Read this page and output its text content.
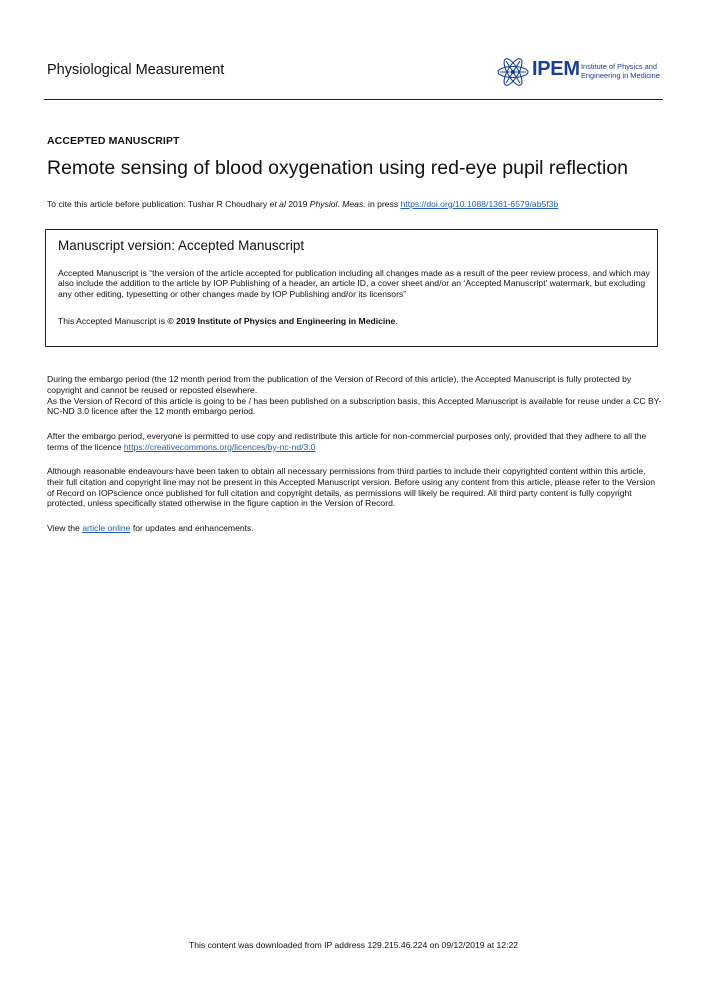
Physiological Measurement	IPEM Institute of Physics and
Engineering in Medicine
ACCEPTED MANUSCRIPT
Remote sensing of blood oxygenation using red-eye pupil reflection
To cite this article before publication: Tushar R Choudhary et al 2019 Physiol. Meas. in press https://doi.org/10.1088/1361-6579/ab5f3b
Manuscript version: Accepted Manuscript
Accepted Manuscript is “the version of the article accepted for publication including all changes made as a result of the peer review process, and which may also include the addition to the article by IOP Publishing of a header, an article ID, a cover sheet and/or an ‘Accepted Manuscript’ watermark, but excluding any other editing, typesetting or other changes made by IOP Publishing and/or its licensors”
This Accepted Manuscript is © 2019 Institute of Physics and Engineering in Medicine.
During the embargo period (the 12 month period from the publication of the Version of Record of this article), the Accepted Manuscript is fully protected by copyright and cannot be reused or reposted elsewhere.
As the Version of Record of this article is going to be / has been published on a subscription basis, this Accepted Manuscript is available for reuse under a CC BY-NC-ND 3.0 licence after the 12 month embargo period.
After the embargo period, everyone is permitted to use copy and redistribute this article for non-commercial purposes only, provided that they adhere to all the terms of the licence https://creativecommons.org/licences/by-nc-nd/3.0
Although reasonable endeavours have been taken to obtain all necessary permissions from third parties to include their copyrighted content within this article, their full citation and copyright line may not be present in this Accepted Manuscript version. Before using any content from this article, please refer to the Version of Record on IOPscience once published for full citation and copyright details, as permissions will likely be required. All third party content is fully copyright protected, unless specifically stated otherwise in the figure caption in the Version of Record.
View the article online for updates and enhancements.
This content was downloaded from IP address 129.215.46.224 on 09/12/2019 at 12:22
